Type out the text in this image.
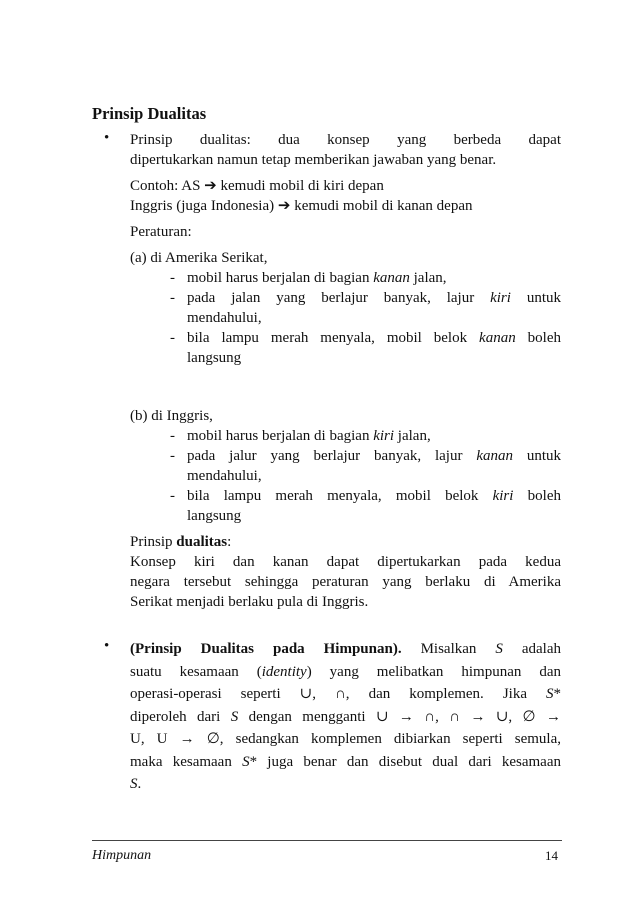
Prinsip Dualitas
• Prinsip dualitas: dua konsep yang berbeda dapat
dipertukarkan namun tetap memberikan jawaban yang benar.
Contoh: AS ➔ kemudi mobil di kiri depan
Inggris (juga Indonesia) ➔ kemudi mobil di kanan depan
Peraturan:
(a) di Amerika Serikat,
- mobil harus berjalan di bagian kanan jalan,
- pada jalan yang berlajur banyak, lajur kiri untuk
mendahului,
- bila lampu merah menyala, mobil belok kanan boleh
langsung
(b) di Inggris,
- mobil harus berjalan di bagian kiri jalan,
- pada jalur yang berlajur banyak, lajur kanan untuk
mendahului,
- bila lampu merah menyala, mobil belok kiri boleh
langsung
Prinsip dualitas:
Konsep kiri dan kanan dapat dipertukarkan pada kedua
negara tersebut sehingga peraturan yang berlaku di Amerika
Serikat menjadi berlaku pula di Inggris.
• (Prinsip Dualitas pada Himpunan). Misalkan S adalah
suatu kesamaan (identity) yang melibatkan himpunan dan
operasi-operasi seperti ∪, ∩, dan komplemen. Jika S*
diperoleh dari S dengan mengganti ∪ → ∩, ∩ → ∪, ∅ →
U, U → ∅, sedangkan komplemen dibiarkan seperti semula,
maka kesamaan S* juga benar dan disebut dual dari kesamaan
S.
Himpunan	14
